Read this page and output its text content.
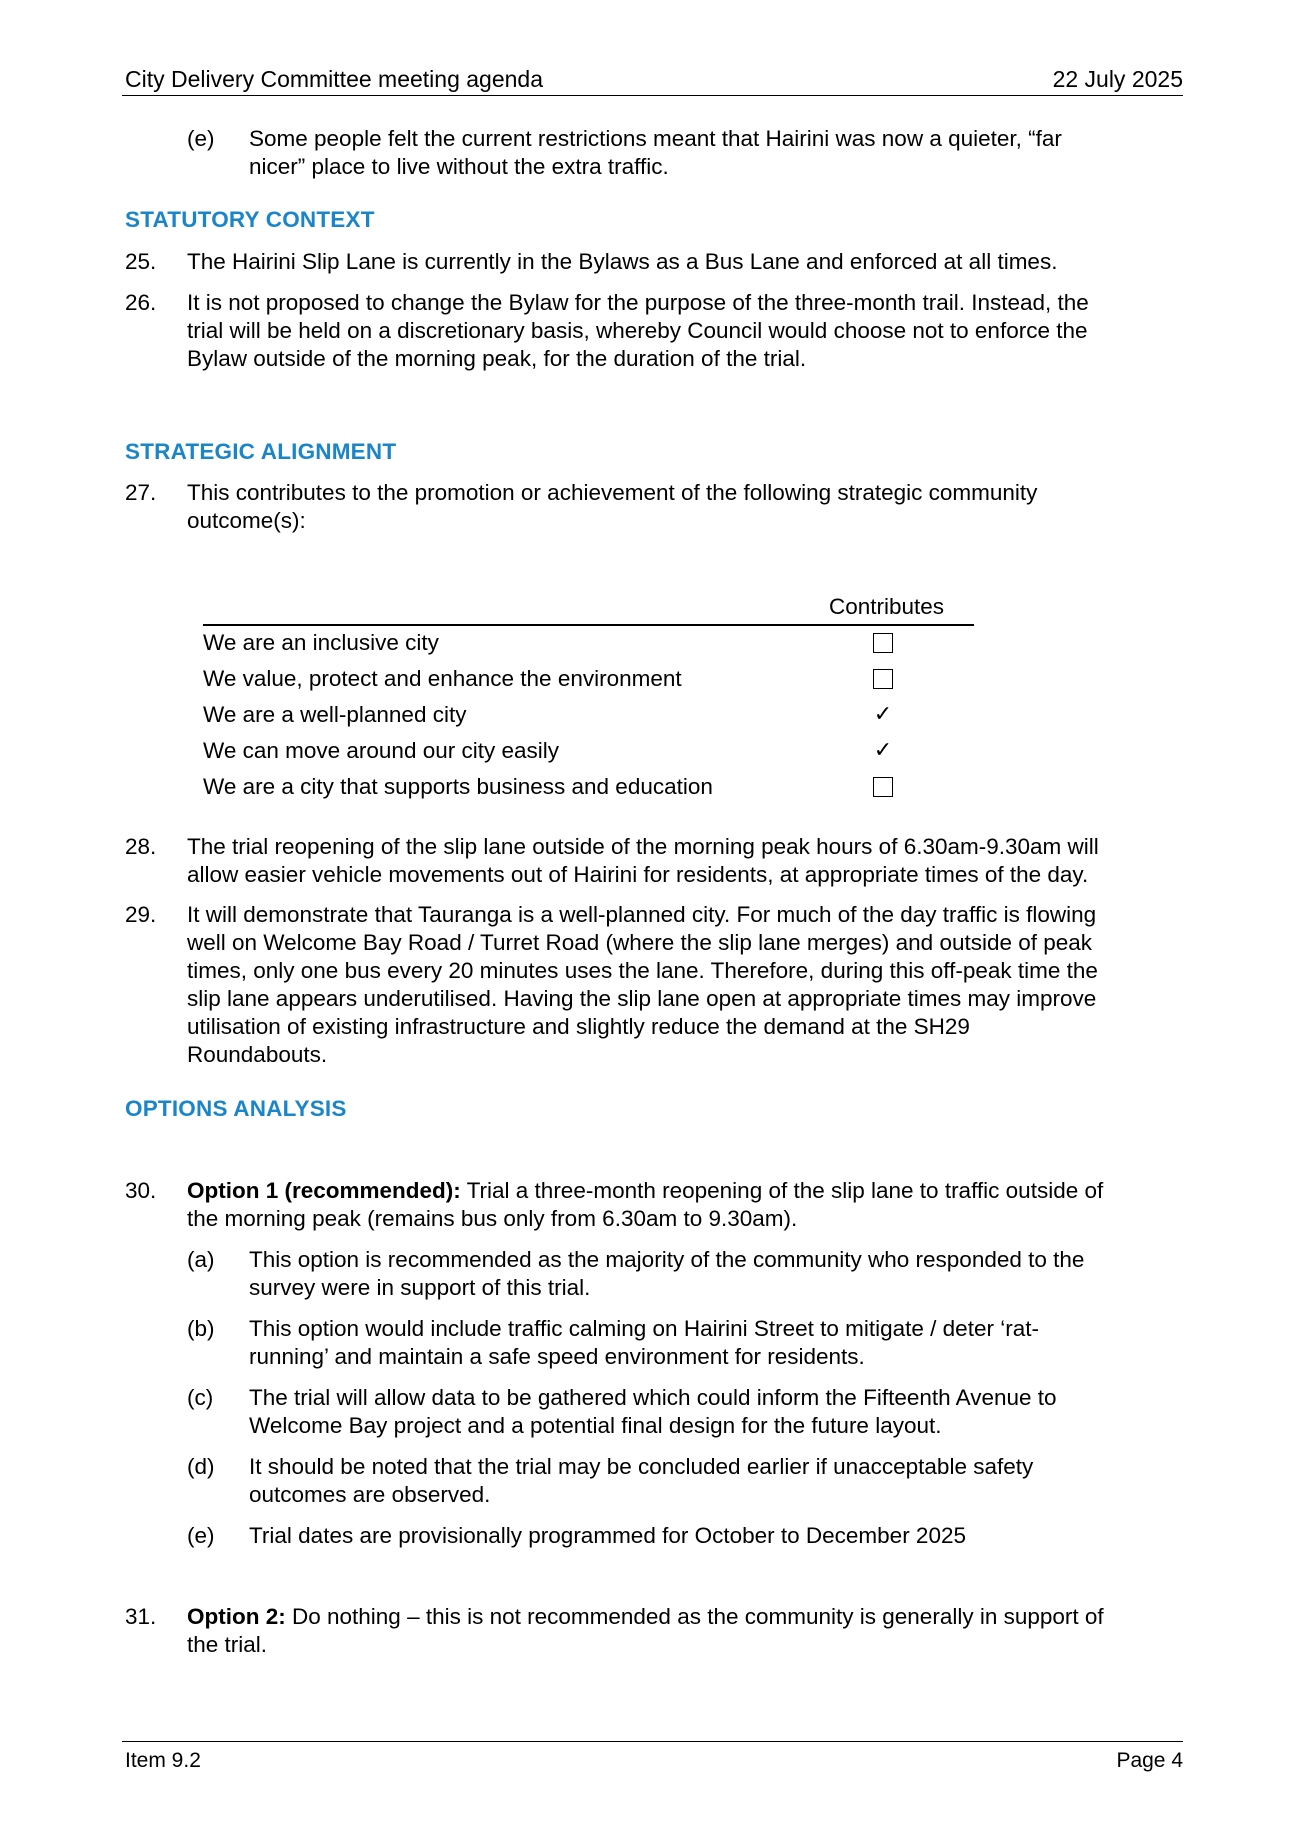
City Delivery Committee meeting agenda	22 July 2025
(e) Some people felt the current restrictions meant that Hairini was now a quieter, “far
nicer” place to live without the extra traffic.
STATUTORY CONTEXT
25. The Hairini Slip Lane is currently in the Bylaws as a Bus Lane and enforced at all times.
26. It is not proposed to change the Bylaw for the purpose of the three-month trail. Instead, the
trial will be held on a discretionary basis, whereby Council would choose not to enforce the
Bylaw outside of the morning peak, for the duration of the trial.
STRATEGIC ALIGNMENT
27. This contributes to the promotion or achievement of the following strategic community
outcome(s):
Contributes
We are an inclusive city
We value, protect and enhance the environment
We are a well-planned city	✓
We can move around our city easily	✓
We are a city that supports business and education
28. The trial reopening of the slip lane outside of the morning peak hours of 6.30am-9.30am will
allow easier vehicle movements out of Hairini for residents, at appropriate times of the day.
29. It will demonstrate that Tauranga is a well-planned city. For much of the day traffic is flowing
well on Welcome Bay Road / Turret Road (where the slip lane merges) and outside of peak
times, only one bus every 20 minutes uses the lane. Therefore, during this off-peak time the
slip lane appears underutilised. Having the slip lane open at appropriate times may improve
utilisation of existing infrastructure and slightly reduce the demand at the SH29
Roundabouts.
OPTIONS ANALYSIS
30. Option 1 (recommended): Trial a three-month reopening of the slip lane to traffic outside of
the morning peak (remains bus only from 6.30am to 9.30am).
(a) This option is recommended as the majority of the community who responded to the
survey were in support of this trial.
(b) This option would include traffic calming on Hairini Street to mitigate / deter ‘rat-
running’ and maintain a safe speed environment for residents.
(c) The trial will allow data to be gathered which could inform the Fifteenth Avenue to
Welcome Bay project and a potential final design for the future layout.
(d) It should be noted that the trial may be concluded earlier if unacceptable safety
outcomes are observed.
(e) Trial dates are provisionally programmed for October to December 2025
31. Option 2: Do nothing – this is not recommended as the community is generally in support of
the trial.
Item 9.2	Page 4
